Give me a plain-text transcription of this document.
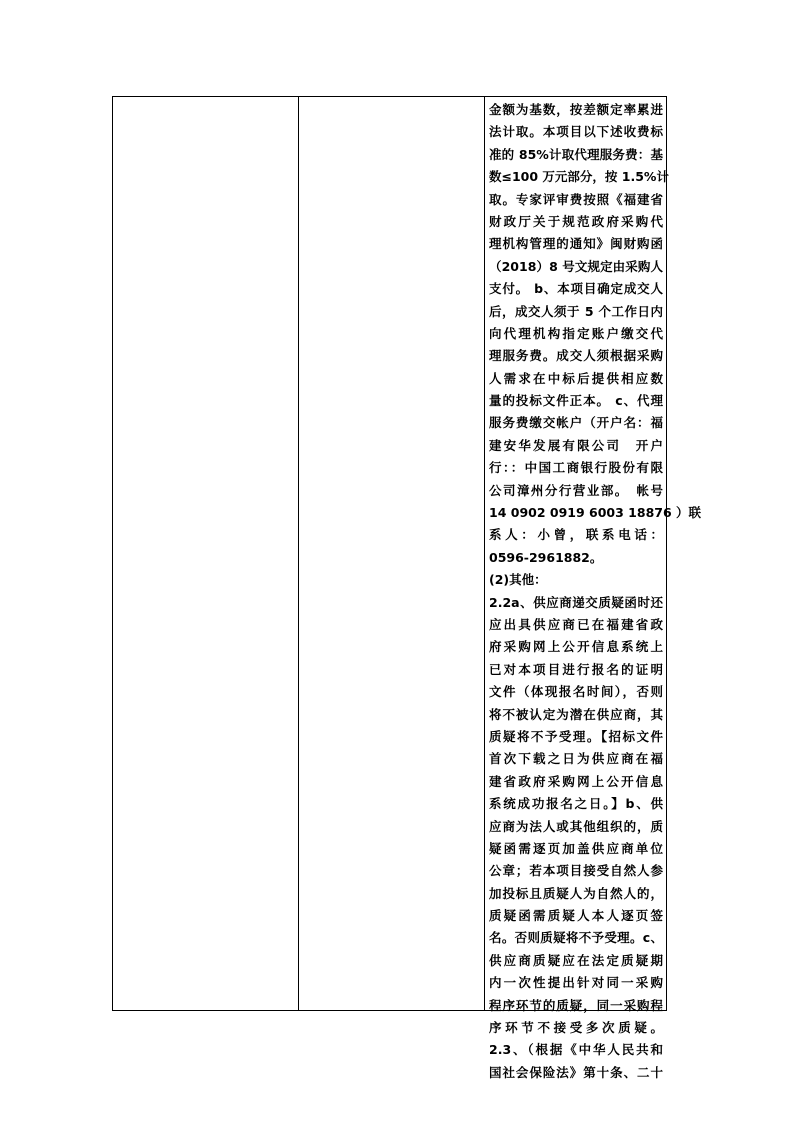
金额为基数，按差额定率累进
法计取。本项目以下述收费标
准的 85%计取代理服务费：基
数≤100 万元部分，按 1.5%计
取。专家评审费按照《福建省
财政厅关于规范政府采购代
理机构管理的通知》闽财购函
（2018）8 号文规定由采购人
支付。 b、本项目确定成交人
后，成交人须于 5 个工作日内
向代理机构指定账户缴交代
理服务费。成交人须根据采购
人需求在中标后提供相应数
量的投标文件正本。 c、代理
服务费缴交帐户（开户名：福
建安华发展有限公司　开户
行：：中国工商银行股份有限
公司漳州分行营业部。　帐号
14 0902 0919 6003 18876 ）联
系人：小曾，联系电话：
0596-2961882。
(2)其他：
2.2a、供应商递交质疑函时还
应出具供应商已在福建省政
府采购网上公开信息系统上
已对本项目进行报名的证明
文件（体现报名时间），否则
将不被认定为潜在供应商，其
质疑将不予受理。【招标文件
首次下载之日为供应商在福
建省政府采购网上公开信息
系统成功报名之日。】b、供
应商为法人或其他组织的，质
疑函需逐页加盖供应商单位
公章；若本项目接受自然人参
加投标且质疑人为自然人的，
质疑函需质疑人本人逐页签
名。否则质疑将不予受理。c、
供应商质疑应在法定质疑期
内一次性提出针对同一采购
程序环节的质疑，同一采购程
序环节不接受多次质疑。
2.3、（根据《中华人民共和
国社会保险法》第十条、二十
